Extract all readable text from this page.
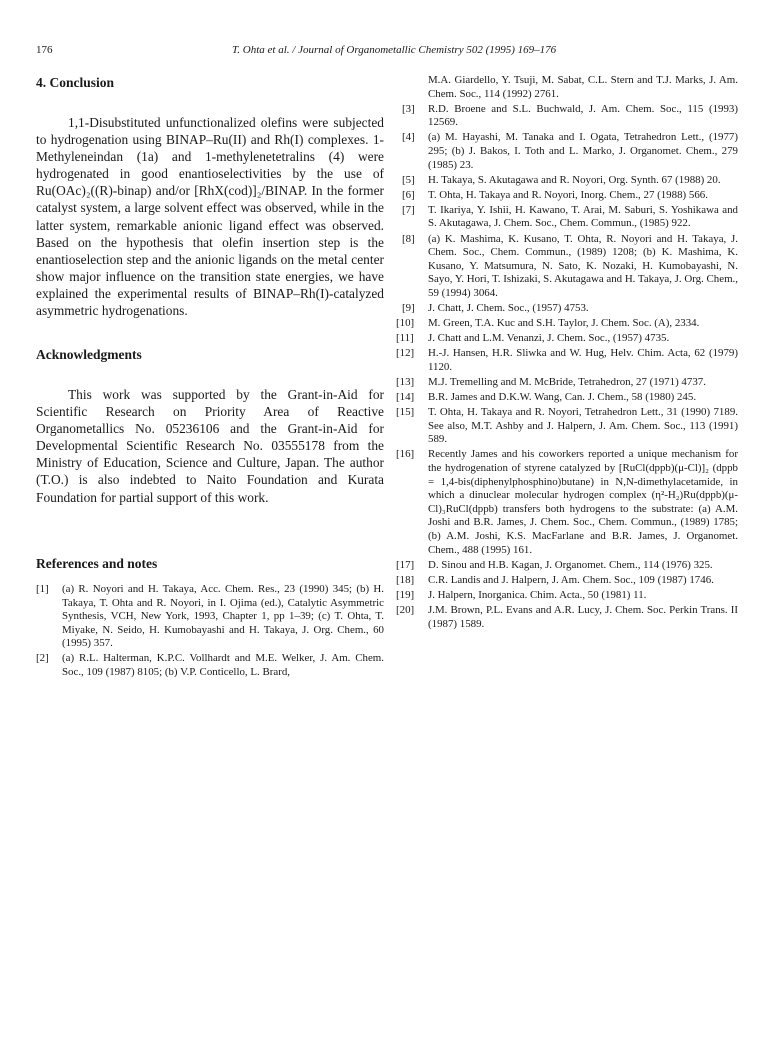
176	T. Ohta et al. / Journal of Organometallic Chemistry 502 (1995) 169–176
4. Conclusion

1,1-Disubstituted unfunctionalized olefins were subjected to hydrogenation using BINAP–Ru(II) and Rh(I) complexes. 1-Methyleneindan (1a) and 1-methylenetetralins (4) were hydrogenated in good enantioselectivities by the use of Ru(OAc)₂((R)-binap) and/or [RhX(cod)]₂/BINAP. In the former catalyst system, a large solvent effect was observed, while in the latter system, remarkable anionic ligand effect was observed. Based on the hypothesis that olefin insertion step is the enantioselection step and the anionic ligands on the metal center show major influence on the transition state energies, we have explained the experimental results of BINAP–Rh(I)-catalyzed asymmetric hydrogenations.

Acknowledgments

This work was supported by the Grant-in-Aid for Scientific Research on Priority Area of Reactive Organometallics No. 05236106 and the Grant-in-Aid for Developmental Scientific Research No. 03555178 from the Ministry of Education, Science and Culture, Japan. The author (T.O.) is also indebted to Naito Foundation and Kurata Foundation for partial support of this work.

References and notes
[1] (a) R. Noyori and H. Takaya, Acc. Chem. Res., 23 (1990) 345; (b) H. Takaya, T. Ohta and R. Noyori, in I. Ojima (ed.), Catalytic Asymmetric Synthesis, VCH, New York, 1993, Chapter 1, pp 1–39; (c) T. Ohta, T. Miyake, N. Seido, H. Kumobayashi and H. Takaya, J. Org. Chem., 60 (1995) 357.
[2] (a) R.L. Halterman, K.P.C. Vollhardt and M.E. Welker, J. Am. Chem. Soc., 109 (1987) 8105; (b) V.P. Conticello, L. Brard,
M.A. Giardello, Y. Tsuji, M. Sabat, C.L. Stern and T.J. Marks, J. Am. Chem. Soc., 114 (1992) 2761.
[3] R.D. Broene and S.L. Buchwald, J. Am. Chem. Soc., 115 (1993) 12569.
[4] (a) M. Hayashi, M. Tanaka and I. Ogata, Tetrahedron Lett., (1977) 295; (b) J. Bakos, I. Toth and L. Marko, J. Organomet. Chem., 279 (1985) 23.
[5] H. Takaya, S. Akutagawa and R. Noyori, Org. Synth. 67 (1988) 20.
[6] T. Ohta, H. Takaya and R. Noyori, Inorg. Chem., 27 (1988) 566.
[7] T. Ikariya, Y. Ishii, H. Kawano, T. Arai, M. Saburi, S. Yoshikawa and S. Akutagawa, J. Chem. Soc., Chem. Commun., (1985) 922.
[8] (a) K. Mashima, K. Kusano, T. Ohta, R. Noyori and H. Takaya, J. Chem. Soc., Chem. Commun., (1989) 1208; (b) K. Mashima, K. Kusano, Y. Matsumura, N. Sato, K. Nozaki, H. Kumobayashi, N. Sayo, Y. Hori, T. Ishizaki, S. Akutagawa and H. Takaya, J. Org. Chem., 59 (1994) 3064.
[9] J. Chatt, J. Chem. Soc., (1957) 4753.
[10] M. Green, T.A. Kuc and S.H. Taylor, J. Chem. Soc. (A), 2334.
[11] J. Chatt and L.M. Venanzi, J. Chem. Soc., (1957) 4735.
[12] H.-J. Hansen, H.R. Sliwka and W. Hug, Helv. Chim. Acta, 62 (1979) 1120.
[13] M.J. Tremelling and M. McBride, Tetrahedron, 27 (1971) 4737.
[14] B.R. James and D.K.W. Wang, Can. J. Chem., 58 (1980) 245.
[15] T. Ohta, H. Takaya and R. Noyori, Tetrahedron Lett., 31 (1990) 7189. See also, M.T. Ashby and J. Halpern, J. Am. Chem. Soc., 113 (1991) 589.
[16] Recently James and his coworkers reported a unique mechanism for the hydrogenation of styrene catalyzed by [RuCl(dppb)(μ-Cl)]₂ (dppb = 1,4-bis(diphenylphosphino)butane) in N,N-dimethylacetamide, in which a dinuclear molecular hydrogen complex (η²-H₂)Ru(dppb)(μ-Cl)₃RuCl(dppb) transfers both hydrogens to the substrate: (a) A.M. Joshi and B.R. James, J. Chem. Soc., Chem. Commun., (1989) 1785; (b) A.M. Joshi, K.S. MacFarlane and B.R. James, J. Organomet. Chem., 488 (1995) 161.
[17] D. Sinou and H.B. Kagan, J. Organomet. Chem., 114 (1976) 325.
[18] C.R. Landis and J. Halpern, J. Am. Chem. Soc., 109 (1987) 1746.
[19] J. Halpern, Inorganica. Chim. Acta., 50 (1981) 11.
[20] J.M. Brown, P.L. Evans and A.R. Lucy, J. Chem. Soc. Perkin Trans. II (1987) 1589.
